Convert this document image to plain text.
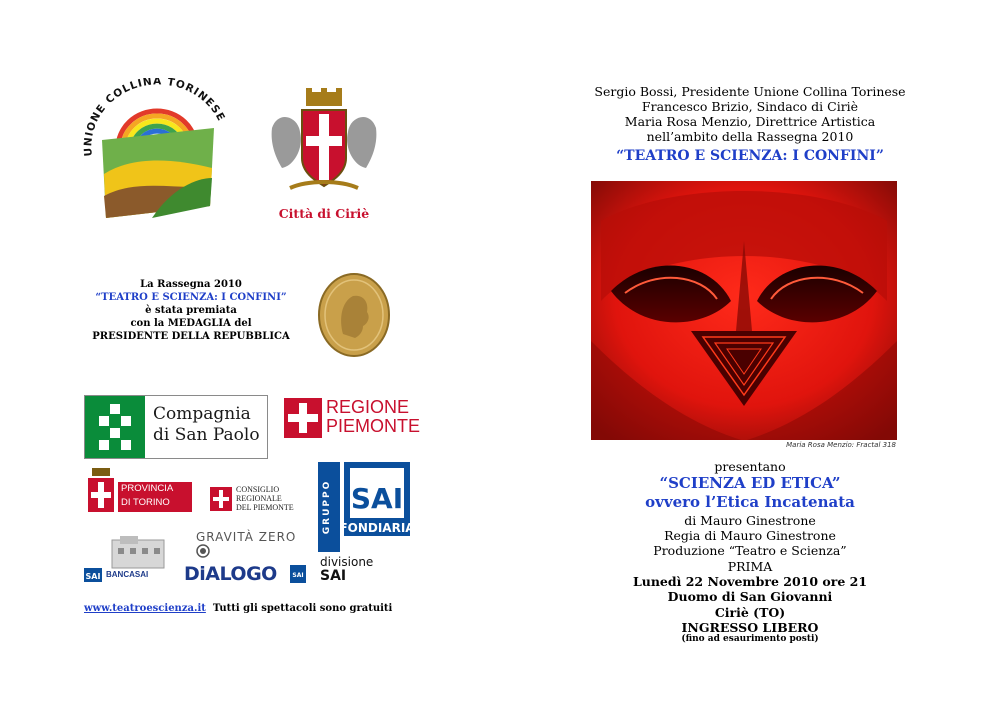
UNIONE COLLINA TORINESE
Città di Ciriè
La Rassegna 2010
“TEATRO E SCIENZA: I CONFINI”
è stata premiata
con la MEDAGLIA del
PRESIDENTE DELLA REPUBBLICA
Compagnia
di San Paolo
REGIONE
PIEMONTE
PROVINCIA
DI TORINO
CONSIGLIO
REGIONALE
DEL PIEMONTE	GRUPPO SAI
FONDIARIA
divisione
SAI
SAI BANCASAI
GRAVITÀ ZERO
DiALOGO	SAI
www.teatroescienza.it Tutti gli spettacoli sono gratuiti
Sergio Bossi, Presidente Unione Collina Torinese
Francesco Brizio, Sindaco di Ciriè
Maria Rosa Menzio, Direttrice Artistica
nell’ambito della Rassegna 2010
“TEATRO E SCIENZA: I CONFINI”
Maria Rosa Menzio: Fractal 318
presentano
“SCIENZA ED ETICA”
ovvero l’Etica Incatenata
di Mauro Ginestrone
Regia di Mauro Ginestrone
Produzione “Teatro e Scienza”
PRIMA
Lunedì 22 Novembre 2010 ore 21
Duomo di San Giovanni
Ciriè (TO)
INGRESSO LIBERO
(fino ad esaurimento posti)
